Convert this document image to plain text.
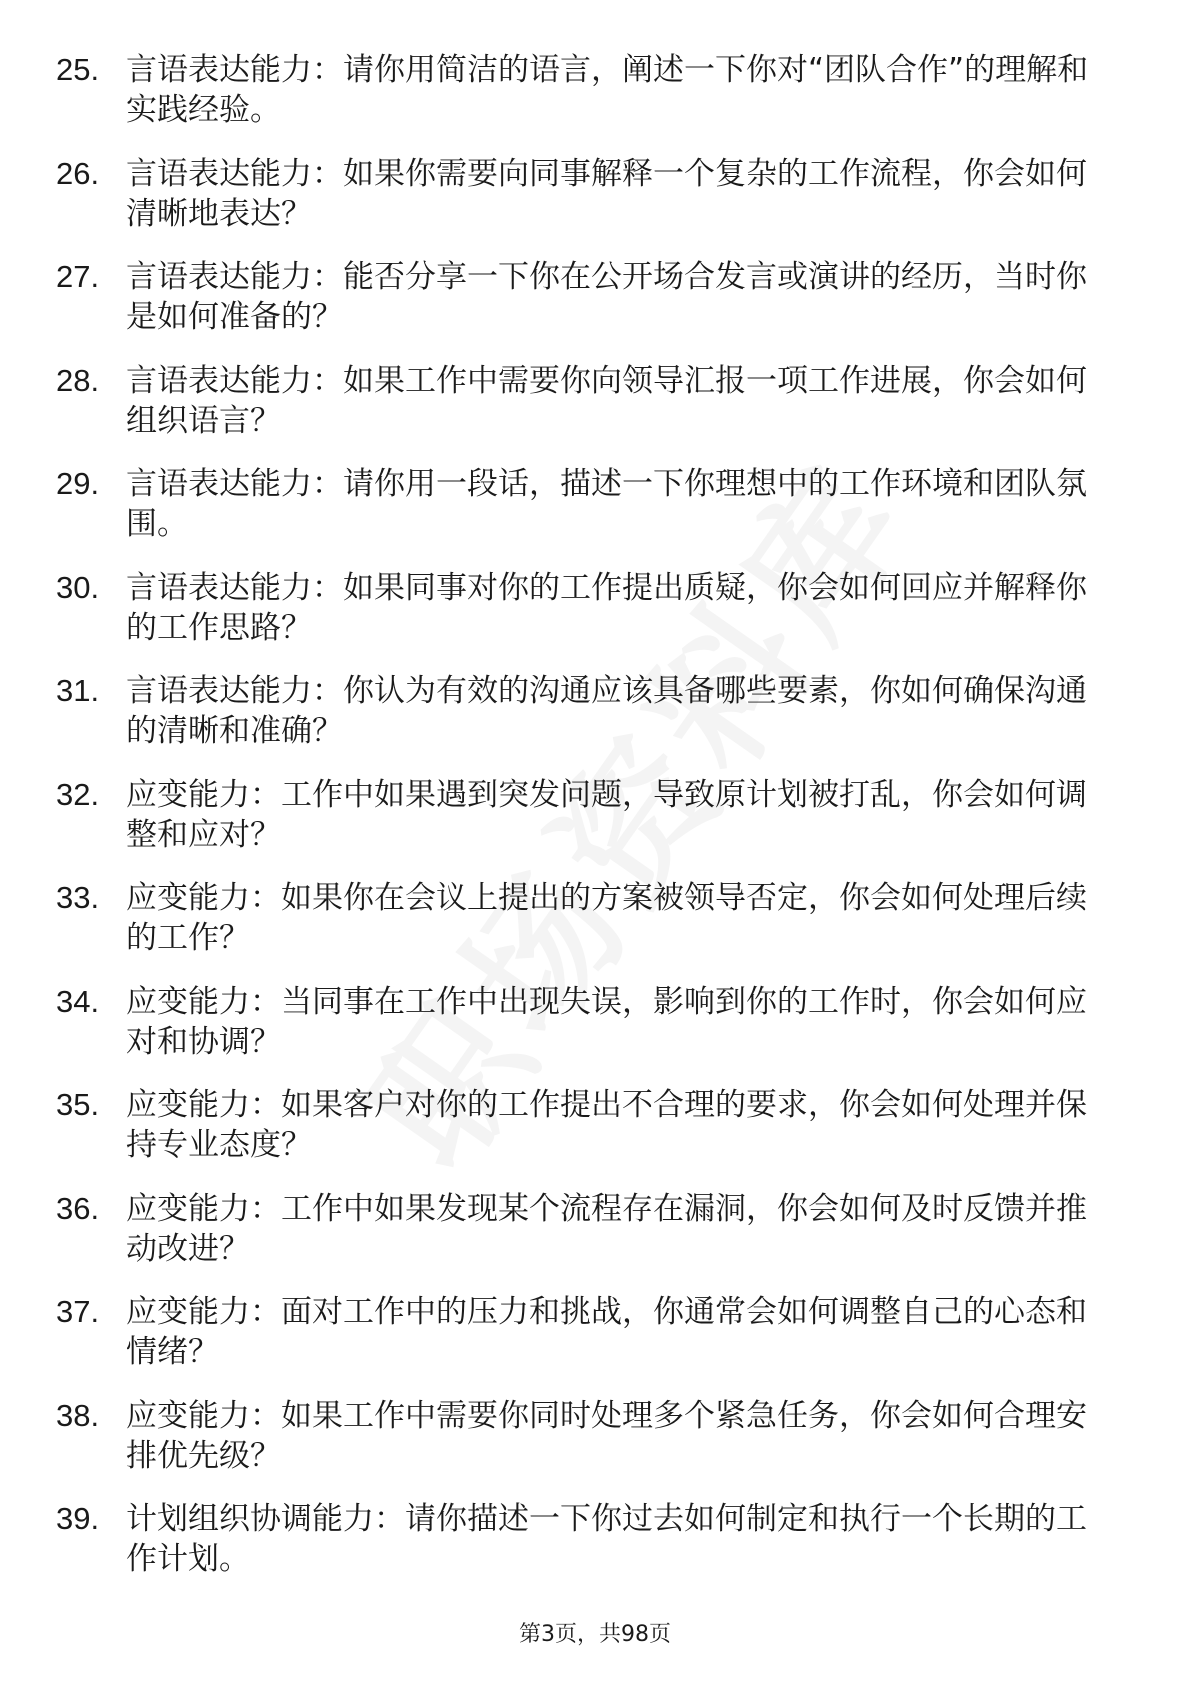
25. 言语表达能力：请你用简洁的语言，阐述一下你对“团队合作”的理解和实践经验。
26. 言语表达能力：如果你需要向同事解释一个复杂的工作流程，你会如何清晰地表达？
27. 言语表达能力：能否分享一下你在公开场合发言或演讲的经历，当时你是如何准备的？
28. 言语表达能力：如果工作中需要你向领导汇报一项工作进展，你会如何组织语言？
29. 言语表达能力：请你用一段话，描述一下你理想中的工作环境和团队氛围。
30. 言语表达能力：如果同事对你的工作提出质疑，你会如何回应并解释你的工作思路？
31. 言语表达能力：你认为有效的沟通应该具备哪些要素，你如何确保沟通的清晰和准确？
32. 应变能力：工作中如果遇到突发问题，导致原计划被打乱，你会如何调整和应对？
33. 应变能力：如果你在会议上提出的方案被领导否定，你会如何处理后续的工作？
34. 应变能力：当同事在工作中出现失误，影响到你的工作时，你会如何应对和协调？
35. 应变能力：如果客户对你的工作提出不合理的要求，你会如何处理并保持专业态度？
36. 应变能力：工作中如果发现某个流程存在漏洞，你会如何及时反馈并推动改进？
37. 应变能力：面对工作中的压力和挑战，你通常会如何调整自己的心态和情绪？
38. 应变能力：如果工作中需要你同时处理多个紧急任务，你会如何合理安排优先级？
39. 计划组织协调能力：请你描述一下你过去如何制定和执行一个长期的工作计划。
第3页，共98页
